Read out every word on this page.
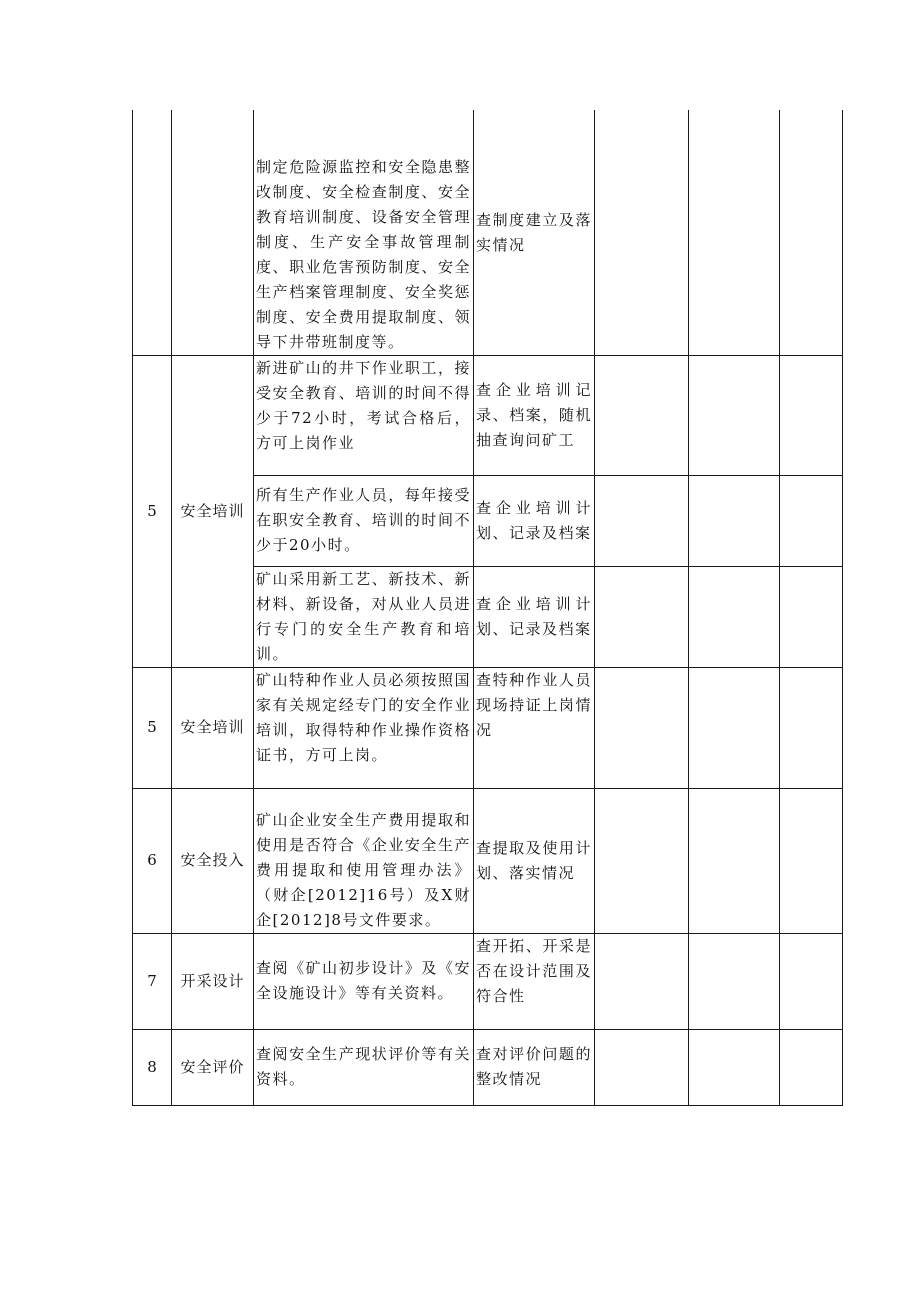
		制定危险源监控和安全隐患整改制度、安全检查制度、安全教育培训制度、设备安全管理制度、生产安全事故管理制度、职业危害预防制度、安全生产档案管理制度、安全奖惩制度、安全费用提取制度、领导下井带班制度等。	查制度建立及落实情况			
5	安全培训	新进矿山的井下作业职工，接受安全教育、培训的时间不得少于72小时，考试合格后，方可上岗作业	查企业培训记录、档案，随机抽查询问矿工			
		所有生产作业人员，每年接受在职安全教育、培训的时间不少于20小时。	查企业培训计划、记录及档案			
		矿山采用新工艺、新技术、新材料、新设备，对从业人员进行专门的安全生产教育和培训。	查企业培训计划、记录及档案			
5	安全培训	矿山特种作业人员必须按照国家有关规定经专门的安全作业培训，取得特种作业操作资格证书，方可上岗。	查特种作业人员现场持证上岗情况			
6	安全投入	矿山企业安全生产费用提取和使用是否符合《企业安全生产费用提取和使用管理办法》（财企[2012]16号）及X财企[2012]8号文件要求。	查提取及使用计划、落实情况			
7	开采设计	查阅《矿山初步设计》及《安全设施设计》等有关资料。	查开拓、开采是否在设计范围及符合性			
8	安全评价	查阅安全生产现状评价等有关资料。	查对评价问题的整改情况			
